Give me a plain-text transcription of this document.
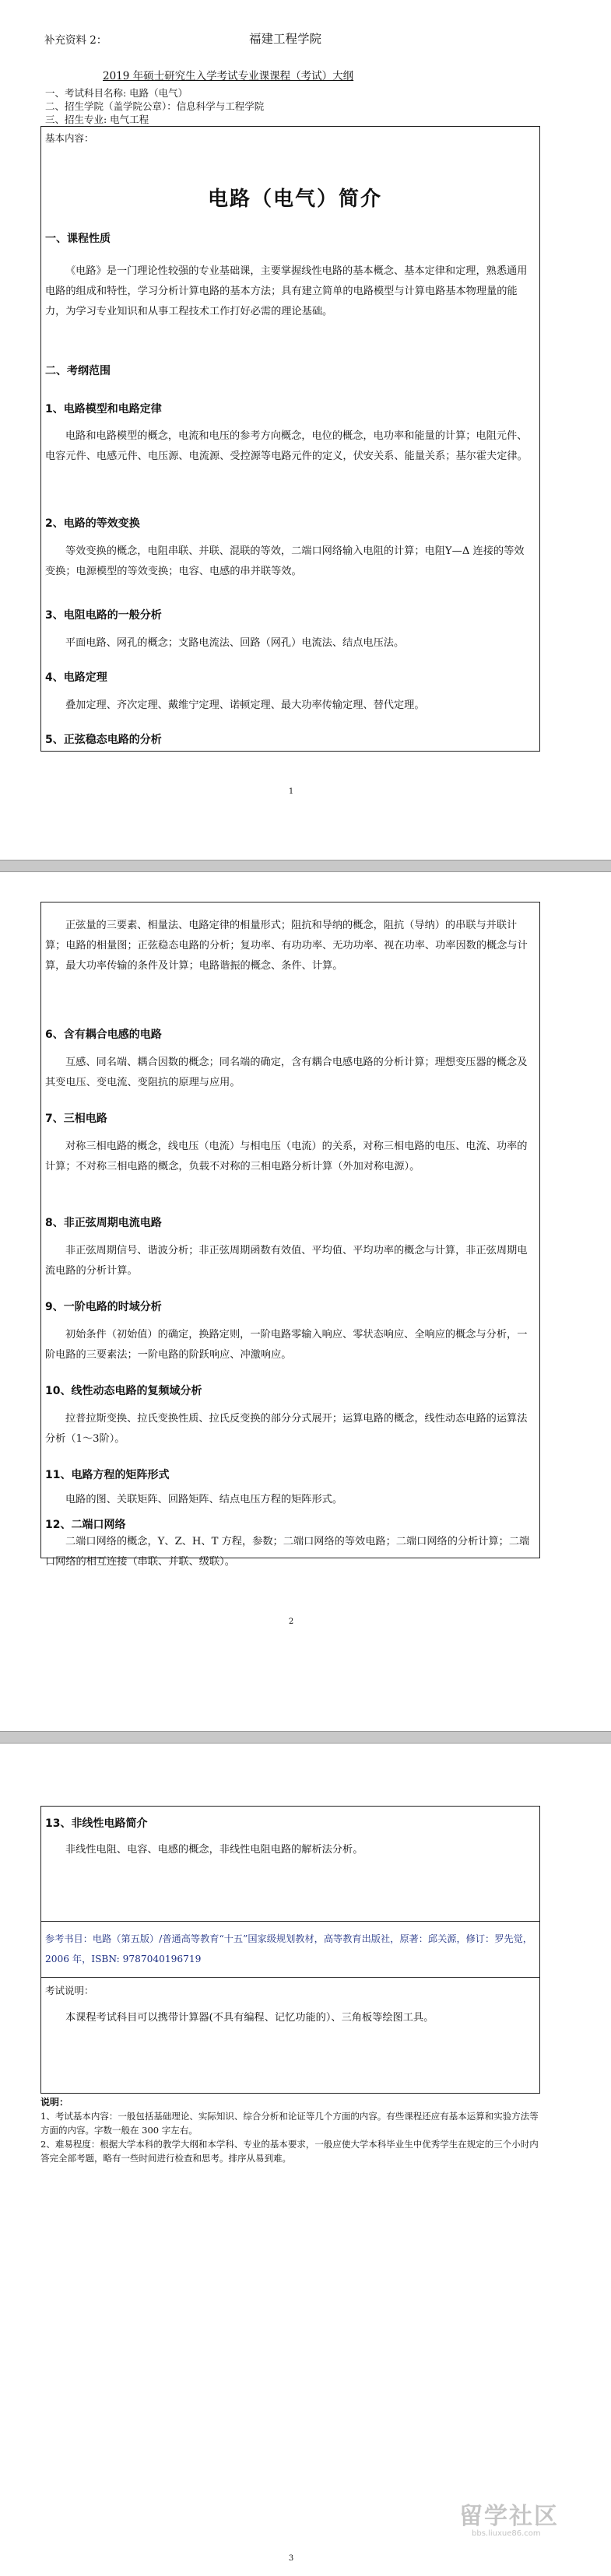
补充资料 2：	福建工程学院
2019 年硕士研究生入学考试专业课课程（考试）大纲
一、考试科目名称: 电路（电气）
二、招生学院（盖学院公章）：信息科学与工程学院
三、招生专业: 电气工程
基本内容：
电路（电气）简介
一、课程性质
《电路》是一门理论性较强的专业基础课，主要掌握线性电路的基本概念、基本定律和定理，熟悉通用电路的组成和特性，学习分析计算电路的基本方法；具有建立简单的电路模型与计算电路基本物理量的能力，为学习专业知识和从事工程技术工作打好必需的理论基础。
二、考纲范围
1、电路模型和电路定律
电路和电路模型的概念，电流和电压的参考方向概念，电位的概念，电功率和能量的计算；电阻元件、电容元件、电感元件、电压源、电流源、受控源等电路元件的定义，伏安关系、能量关系；基尔霍夫定律。
2、电路的等效变换
等效变换的概念，电阻串联、并联、混联的等效，二端口网络输入电阻的计算；电阻Y—Δ 连接的等效变换；电源模型的等效变换；电容、电感的串并联等效。
3、电阻电路的一般分析
平面电路、网孔的概念；支路电流法、回路（网孔）电流法、结点电压法。
4、电路定理
叠加定理、齐次定理、戴维宁定理、诺顿定理、最大功率传输定理、替代定理。
5、正弦稳态电路的分析
1
正弦量的三要素、相量法、电路定律的相量形式；阻抗和导纳的概念，阻抗（导纳）的串联与并联计算；电路的相量图；正弦稳态电路的分析；复功率、有功功率、无功功率、视在功率、功率因数的概念与计算，最大功率传输的条件及计算；电路谐振的概念、条件、计算。
6、含有耦合电感的电路
互感、同名端、耦合因数的概念；同名端的确定，含有耦合电感电路的分析计算；理想变压器的概念及其变电压、变电流、变阻抗的原理与应用。
7、三相电路
对称三相电路的概念，线电压（电流）与相电压（电流）的关系，对称三相电路的电压、电流、功率的计算；不对称三相电路的概念，负载不对称的三相电路分析计算（外加对称电源）。
8、非正弦周期电流电路
非正弦周期信号、谐波分析；非正弦周期函数有效值、平均值、平均功率的概念与计算，非正弦周期电流电路的分析计算。
9、一阶电路的时域分析
初始条件（初始值）的确定，换路定则，一阶电路零输入响应、零状态响应、全响应的概念与分析，一阶电路的三要素法；一阶电路的阶跃响应、冲激响应。
10、线性动态电路的复频域分析
拉普拉斯变换、拉氏变换性质、拉氏反变换的部分分式展开；运算电路的概念，线性动态电路的运算法分析（1～3阶）。
11、电路方程的矩阵形式
电路的图、关联矩阵、回路矩阵、结点电压方程的矩阵形式。
12、二端口网络
二端口网络的概念，Y、Z、H、T 方程，参数；二端口网络的等效电路；二端口网络的分析计算；二端口网络的相互连接（串联、并联、级联）。
2
13、非线性电路简介
非线性电阻、电容、电感的概念，非线性电阻电路的解析法分析。
参考书目：电路（第五版）/普通高等教育“十五”国家级规划教材，高等教育出版社，原著：邱关源，修订：罗先觉，2006 年，ISBN: 9787040196719
考试说明：
本课程考试科目可以携带计算器(不具有编程、记忆功能的）、三角板等绘图工具。
说明：
1、考试基本内容：一般包括基础理论、实际知识、综合分析和论证等几个方面的内容。有些课程还应有基本运算和实验方法等方面的内容。字数一般在 300 字左右。
2、难易程度：根据大学本科的教学大纲和本学科、专业的基本要求，一般应使大学本科毕业生中优秀学生在规定的三个小时内答完全部考题，略有一些时间进行检查和思考。排序从易到难。
留学社区
bbs.liuxue86.com
3
